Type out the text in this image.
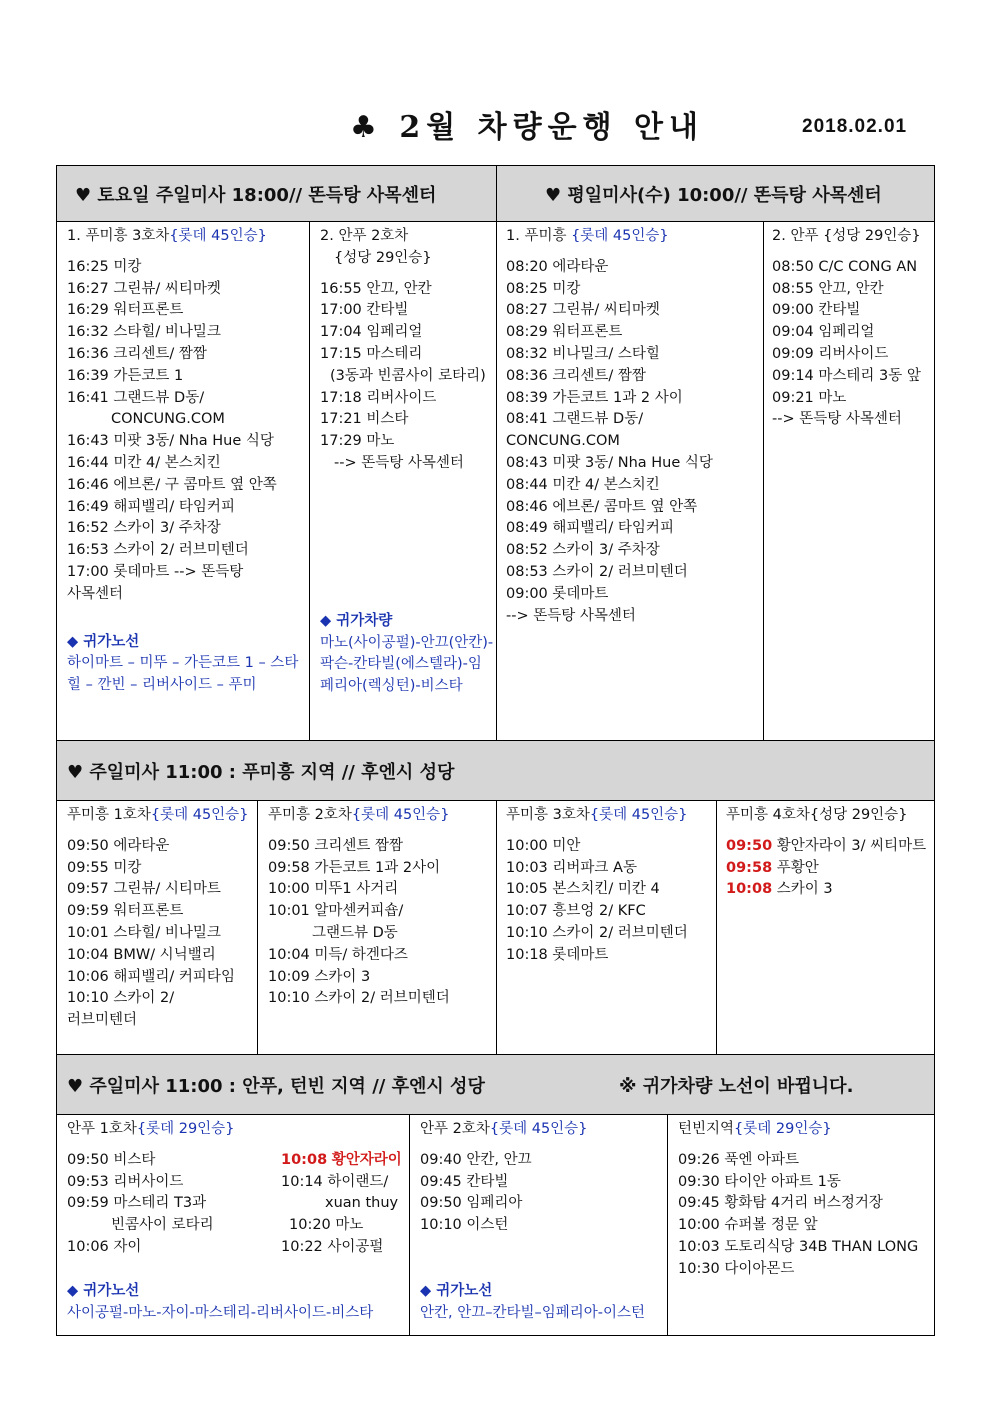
♣ 2월 차량운행 안내	2018.02.01
♥ 토요일 주일미사 18:00// 똔득탕 사목센터	♥ 평일미사(수) 10:00// 똔득탕 사목센터
1. 푸미흥 3호차{롯데 45인승}
16:25 미캉
16:27 그린뷰/ 씨티마켓
16:29 워터프론트
16:32 스타힐/ 비나밀크
16:36 크리센트/ 짬짬
16:39 가든코트 1
16:41 그랜드뷰 D동/
CONCUNG.COM
16:43 미팟 3동/ Nha Hue 식당
16:44 미칸 4/ 본스치킨
16:46 에브론/ 구 콤마트 옆 안쪽
16:49 해피밸리/ 타임커피
16:52 스카이 3/ 주차장
16:53 스카이 2/ 러브미텐더
17:00 롯데마트 --> 똔득탕
사목센터
◆ 귀가노선
하이마트 – 미뚜 – 가든코트 1 – 스타
힐 – 깐빈 – 리버사이드 – 푸미
2. 안푸 2호차
{성당 29인승}
16:55 안끄, 안칸
17:00 칸타빌
17:04 임페리얼
17:15 마스테리
(3동과 빈콤사이 로타리)
17:18 리버사이드
17:21 비스타
17:29 마노
--> 똔득탕 사목센터
◆ 귀가차량
마노(사이공펄)-안끄(안칸)-
팍슨-칸타빌(에스텔라)-임
페리아(렉싱턴)-비스타
1. 푸미흥 {롯데 45인승}
08:20 에라타운
08:25 미캉
08:27 그린뷰/ 씨티마켓
08:29 워터프론트
08:32 비나밀크/ 스타힐
08:36 크리센트/ 짬짬
08:39 가든코트 1과 2 사이
08:41 그랜드뷰 D동/
CONCUNG.COM
08:43 미팟 3동/ Nha Hue 식당
08:44 미칸 4/ 본스치킨
08:46 에브론/ 콤마트 옆 안쪽
08:49 해피밸리/ 타임커피
08:52 스카이 3/ 주차장
08:53 스카이 2/ 러브미텐더
09:00 롯데마트
--> 똔득탕 사목센터
2. 안푸 {성당 29인승}
08:50 C/C CONG AN
08:55 안끄, 안칸
09:00 칸타빌
09:04 임페리얼
09:09 리버사이드
09:14 마스테리 3동 앞
09:21 마노
--> 똔득탕 사목센터
♥ 주일미사 11:00 : 푸미흥 지역 // 후엔시 성당
푸미흥 1호차{롯데 45인승}
09:50 에라타운
09:55 미캉
09:57 그린뷰/ 시티마트
09:59 워터프론트
10:01 스타힐/ 비나밀크
10:04 BMW/ 시닉밸리
10:06 해피밸리/ 커피타임
10:10 스카이 2/
러브미텐더
푸미흥 2호차{롯데 45인승}
09:50 크리센트 짬짬
09:58 가든코트 1과 2사이
10:00 미뚜1 사거리
10:01 알마센커피숍/
그랜드뷰 D동
10:04 미득/ 하겐다즈
10:09 스카이 3
10:10 스카이 2/ 러브미텐더
푸미흥 3호차{롯데 45인승}
10:00 미안
10:03 리버파크 A동
10:05 본스치킨/ 미칸 4
10:07 흥브엉 2/ KFC
10:10 스카이 2/ 러브미텐더
10:18 롯데마트
푸미흥 4호차{성당 29인승}
09:50 황안자라이 3/ 씨티마트
09:58 푸황안
10:08 스카이 3
♥ 주일미사 11:00 : 안푸, 턴빈 지역 // 후엔시 성당	※ 귀가차량 노선이 바뀝니다.
안푸 1호차{롯데 29인승}
09:50 비스타
09:53 리버사이드
09:59 마스테리 T3과
빈콤사이 로타리
10:06 자이
10:08 황안자라이
10:14 하이랜드/
xuan thuy
10:20 마노
10:22 사이공펄
◆ 귀가노선
사이공펄-마노-자이-마스테리-리버사이드-비스타
안푸 2호차{롯데 45인승}
09:40 안칸, 안끄
09:45 칸타빌
09:50 임페리아
10:10 이스턴
◆ 귀가노선
안칸, 안끄–칸타빌–임페리아-이스턴
턴빈지역{롯데 29인승}
09:26 푹엔 아파트
09:30 타이안 아파트 1동
09:45 황화탐 4거리 버스정거장
10:00 슈퍼볼 정문 앞
10:03 도토리식당 34B THAN LONG
10:30 다이아몬드
